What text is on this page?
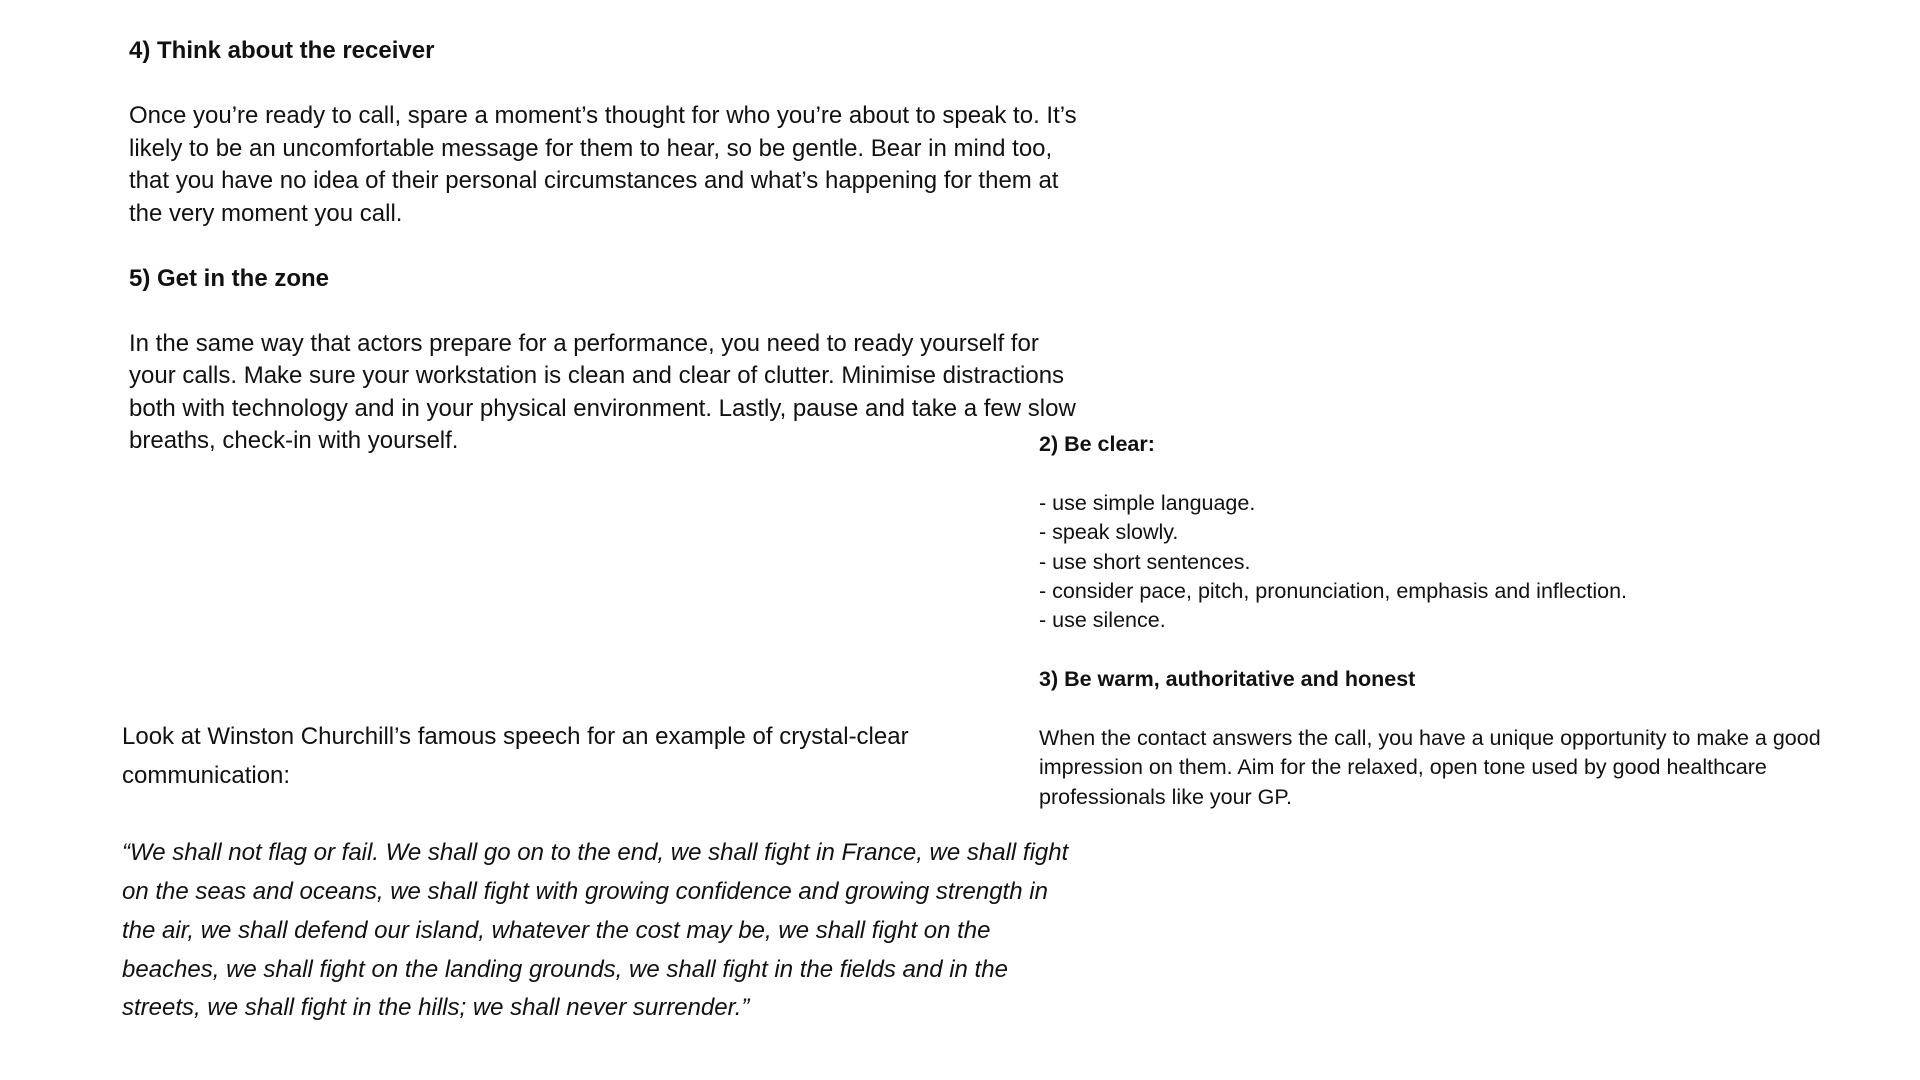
4) Think about the receiver

Once you’re ready to call, spare a moment’s thought for who you’re about to speak to. It’s likely to be an uncomfortable message for them to hear, so be gentle. Bear in mind too, that you have no idea of their personal circumstances and what’s happening for them at the very moment you call.

5) Get in the zone

In the same way that actors prepare for a performance, you need to ready yourself for your calls. Make sure your workstation is clean and clear of clutter. Minimise distractions both with technology and in your physical environment. Lastly, pause and take a few slow breaths, check-in with yourself.	2) Be clear:

- use simple language.
- speak slowly.
- use short sentences.
- consider pace, pitch, pronunciation, emphasis and inflection.
- use silence.

3) Be warm, authoritative and honest

When the contact answers the call, you have a unique opportunity to make a good impression on them. Aim for the relaxed, open tone used by good healthcare professionals like your GP.

Look at Winston Churchill’s famous speech for an example of crystal-clear communication:

“We shall not flag or fail. We shall go on to the end, we shall fight in France, we shall fight on the seas and oceans, we shall fight with growing confidence and growing strength in the air, we shall defend our island, whatever the cost may be, we shall fight on the beaches, we shall fight on the landing grounds, we shall fight in the fields and in the streets, we shall fight in the hills; we shall never surrender.”
